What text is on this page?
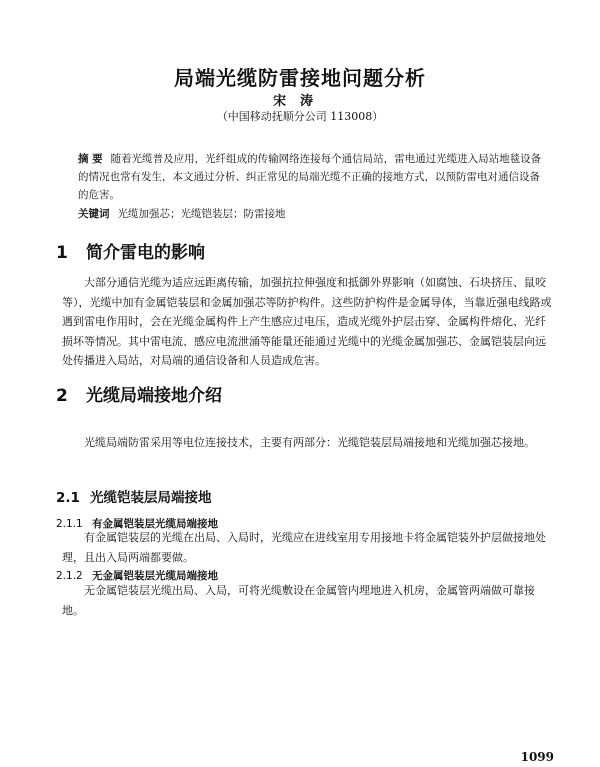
局端光缆防雷接地问题分析
宋涛
（中国移动抚顺分公司 113008）
摘 要 随着光缆普及应用，光纤组成的传输网络连接每个通信局站，雷电通过光缆进入局站地毯设备的情况也常有发生，本文通过分析、纠正常见的局端光缆不正确的接地方式，以预防雷电对通信设备的危害。
关键词 光缆加强芯；光缆铠装层；防雷接地
1 简介雷电的影响
大部分通信光缆为适应远距离传输，加强抗拉伸强度和抵御外界影响（如腐蚀、石块挤压、鼠咬等），光缆中加有金属铠装层和金属加强芯等防护构件。这些防护构件是金属导体，当靠近强电线路或遇到雷电作用时，会在光缆金属构件上产生感应过电压，造成光缆外护层击穿、金属构件熔化、光纤损坏等情况。其中雷电流、感应电流泄涌等能量还能通过光缆中的光缆金属加强芯、金属铠装层向远处传播进入局站，对局端的通信设备和人员造成危害。
2 光缆局端接地介绍
光缆局端防雷采用等电位连接技术，主要有两部分：光缆铠装层局端接地和光缆加强芯接地。
2.1 光缆铠装层局端接地
2.1.1 有金属铠装层光缆局端接地
有金属铠装层的光缆在出局、入局时，光缆应在进线室用专用接地卡将金属铠装外护层做接地处理，且出入局两端都要做。
2.1.2 无金属铠装层光缆局端接地
无金属铠装层光缆出局、入局，可将光缆敷设在金属管内埋地进入机房，金属管两端做可靠接地。
1099
